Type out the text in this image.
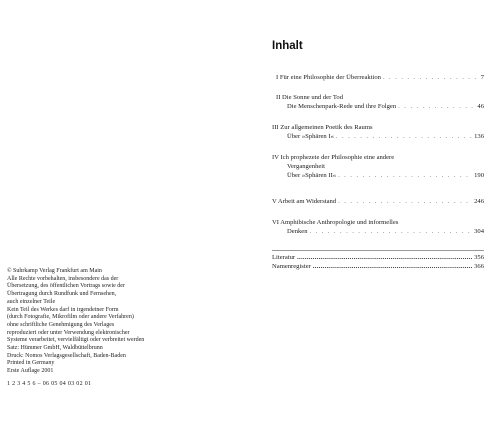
© Suhrkamp Verlag Frankfurt am Main
Alle Rechte vorbehalten, insbesondere das der
Übersetzung, des öffentlichen Vortrags sowie der
Übertragung durch Rundfunk und Fernsehen,
auch einzelner Teile
Kein Teil des Werkes darf in irgendeiner Form
(durch Fotografie, Mikrofilm oder andere Verfahren)
ohne schriftliche Genehmigung des Verlages
reproduziert oder unter Verwendung elektronischer
Systeme verarbeitet, vervielfältigt oder verbreitet werden
Satz: Hümmer GmbH, Waldbüttelbrunn
Druck: Nomos Verlagsgesellschaft, Baden-Baden
Printed in Germany
Erste Auflage 2001
1 2 3 4 5 6 – 06 05 04 03 02 01
Inhalt
I Für eine Philosophie der Überreaktion . . .	7
II Die Sonne und der Tod
Die Menschenpark-Rede und ihre Folgen . . .	46
III Zur allgemeinen Poetik des Raums
Über »Sphären I« . . .	136
IV Ich prophezeie der Philosophie eine andere
Vergangenheit
Über »Sphären II« . . .	190
V Arbeit am Widerstand . . .	246
VI Amphibische Anthropologie und informelles
Denken . . .	304
Literatur .....	356
Namenregister .....	366
